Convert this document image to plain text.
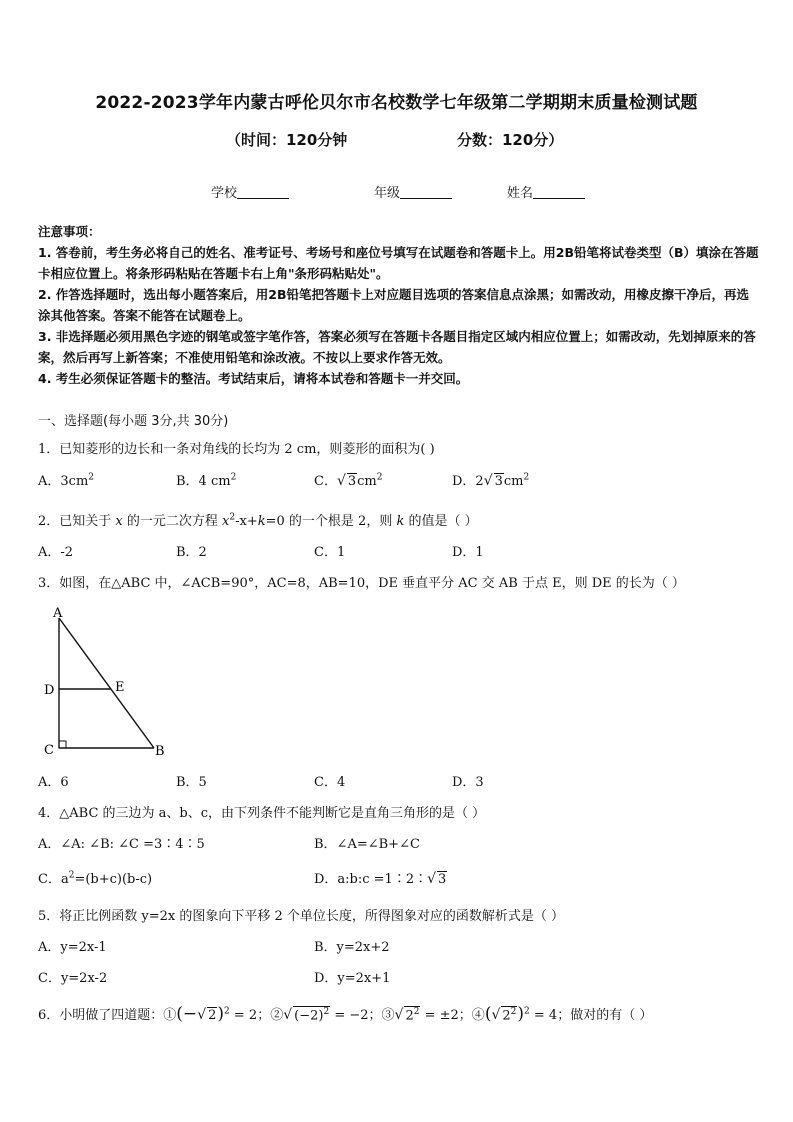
2022-2023学年内蒙古呼伦贝尔市名校数学七年级第二学期期末质量检测试题
（时间：120分钟	分数：120分）
学校	年级	姓名
注意事项：
1. 答卷前，考生务必将自己的姓名、准考证号、考场号和座位号填写在试题卷和答题卡上。用2B铅笔将试卷类型（B）填涂在答题卡相应位置上。将条形码粘贴在答题卡右上角"条形码粘贴处"。
2. 作答选择题时，选出每小题答案后，用2B铅笔把答题卡上对应题目选项的答案信息点涂黑；如需改动，用橡皮擦干净后，再选涂其他答案。答案不能答在试题卷上。
3. 非选择题必须用黑色字迹的钢笔或签字笔作答，答案必须写在答题卡各题目指定区域内相应位置上；如需改动，先划掉原来的答案，然后再写上新答案；不准使用铅笔和涂改液。不按以上要求作答无效。
4. 考生必须保证答题卡的整洁。考试结束后，请将本试卷和答题卡一并交回。
一、选择题(每小题 3分,共 30分)
1．已知菱形的边长和一条对角线的长均为 2 cm，则菱形的面积为( )
A．$3cm^2$	B．4 $cm^2$	C．√ $3cm^2$	D．2√ $3cm^2$
2．已知关于 x 的一元二次方程 $x^2-x+k=0$ 的一个根是 2，则 k 的值是（ ）
A．-2	B．2	C．1	D．1
3．如图，在△ABC 中，∠ACB=90°，AC=8，AB=10，DE 垂直平分 AC 交 AB 于点 E，则 DE 的长为（ ）
A
D	E
C	B
A．6	B．5	C．4	D．3
4．△ABC 的三边为 a、b、c，由下列条件不能判断它是直角三角形的是（ ）
A．∠A: ∠B: ∠C =3∶4∶5	B．∠A=∠B+∠C
C．$a^2=(b+c)(b-c)$	D．a:b:c =1∶2∶√ 3
5．将正比例函数 y=2x 的图象向下平移 2 个单位长度，所得图象对应的函数解析式是（ ）
A．y=2x-1	B．y=2x+2
C．y=2x-2	D．y=2x+1
6．小明做了四道题：①(−√ 2)$^2$ = 2；②√ $(-2)^2 = -2$；③√ $2^2 = \pm 2$；④(√ $2^2)^2 = 4$；做对的有（ ）
